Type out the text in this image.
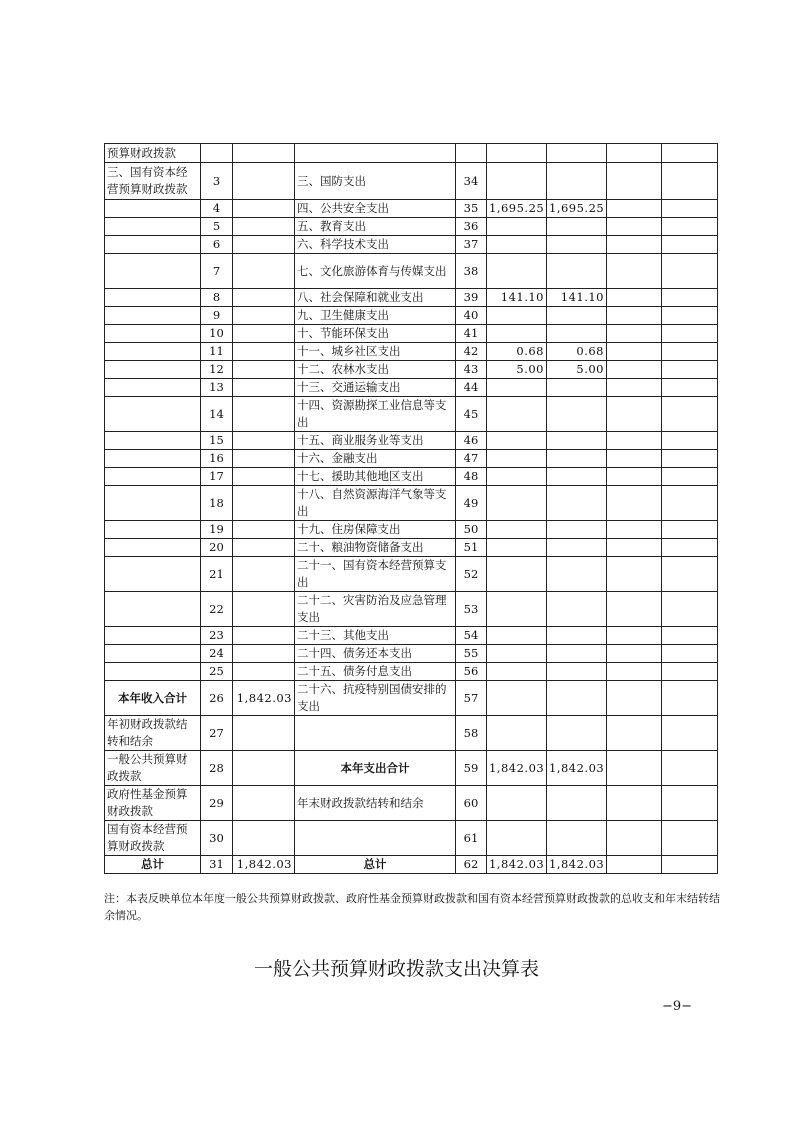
预算财政拨款								
三、国有资本经营预算财政拨款	3		三、国防支出	34				
	4		四、公共安全支出	35	1,695.25	1,695.25		
	5		五、教育支出	36				
	6		六、科学技术支出	37				
	7		七、文化旅游体育与传媒支出	38				
	8		八、社会保障和就业支出	39	141.10	141.10		
	9		九、卫生健康支出	40				
	10		十、节能环保支出	41				
	11		十一、城乡社区支出	42	0.68	0.68		
	12		十二、农林水支出	43	5.00	5.00		
	13		十三、交通运输支出	44				
	14		十四、资源勘探工业信息等支出	45				
	15		十五、商业服务业等支出	46				
	16		十六、金融支出	47				
	17		十七、援助其他地区支出	48				
	18		十八、自然资源海洋气象等支出	49				
	19		十九、住房保障支出	50				
	20		二十、粮油物资储备支出	51				
	21		二十一、国有资本经营预算支出	52				
	22		二十二、灾害防治及应急管理支出	53				
	23		二十三、其他支出	54				
	24		二十四、债务还本支出	55				
	25		二十五、债务付息支出	56				
本年收入合计	26	1,842.03	二十六、抗疫特别国债安排的支出	57				
年初财政拨款结转和结余	27			58				
一般公共预算财政拨款	28		本年支出合计	59	1,842.03	1,842.03		
政府性基金预算财政拨款	29		年末财政拨款结转和结余	60				
国有资本经营预算财政拨款	30			61				
总计	31	1,842.03	总计	62	1,842.03	1,842.03		
注：本表反映单位本年度一般公共预算财政拨款、政府性基金预算财政拨款和国有资本经营预算财政拨款的总收支和年末结转结余情况。
一般公共预算财政拨款支出决算表
−9−
